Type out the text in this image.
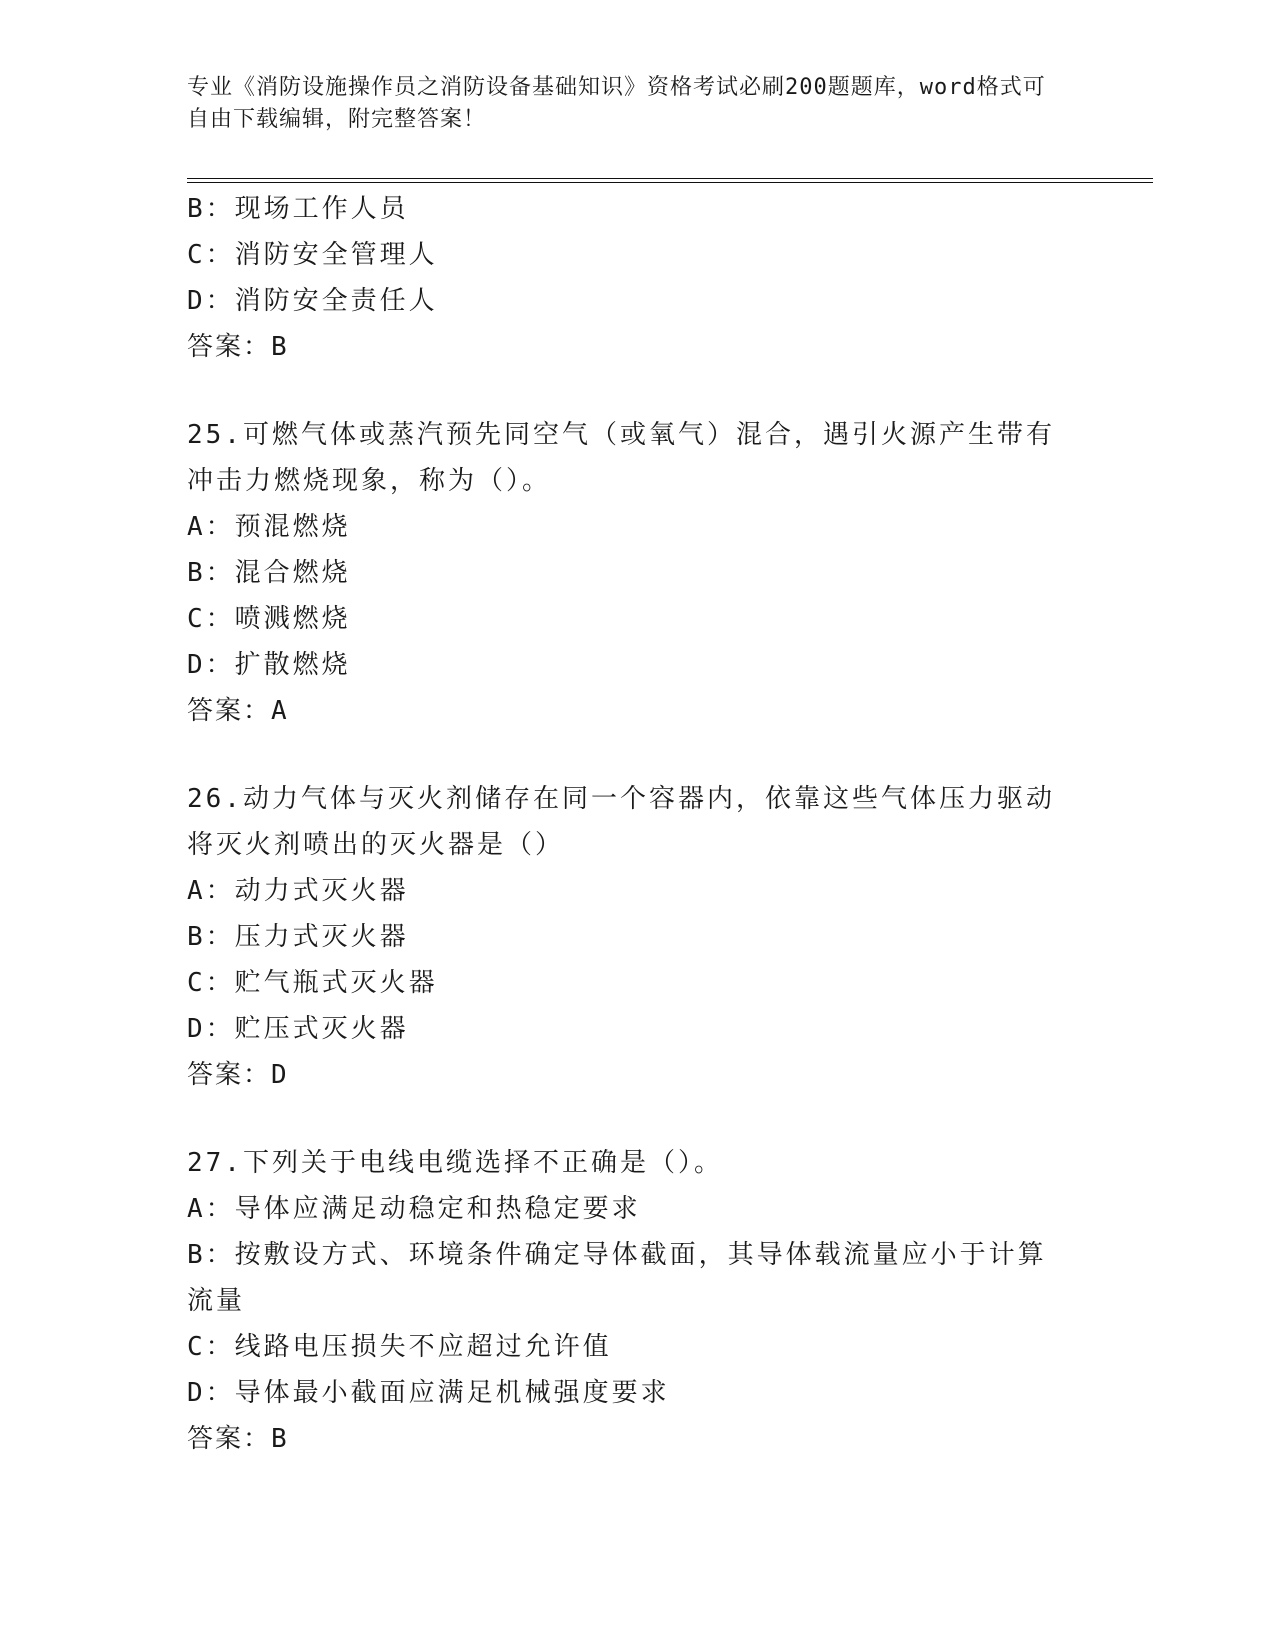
专业《消防设施操作员之消防设备基础知识》资格考试必刷200题题库，word格式可自由下载编辑，附完整答案！
B：现场工作人员
C：消防安全管理人
D：消防安全责任人
答案：B
25.可燃气体或蒸汽预先同空气（或氧气）混合，遇引火源产生带有冲击力燃烧现象，称为（）。
A：预混燃烧
B：混合燃烧
C：喷溅燃烧
D：扩散燃烧
答案：A
26.动力气体与灭火剂储存在同一个容器内，依靠这些气体压力驱动将灭火剂喷出的灭火器是（）
A：动力式灭火器
B：压力式灭火器
C：贮气瓶式灭火器
D：贮压式灭火器
答案：D
27.下列关于电线电缆选择不正确是（）。
A：导体应满足动稳定和热稳定要求
B：按敷设方式、环境条件确定导体截面，其导体载流量应小于计算流量
C：线路电压损失不应超过允许值
D：导体最小截面应满足机械强度要求
答案：B
